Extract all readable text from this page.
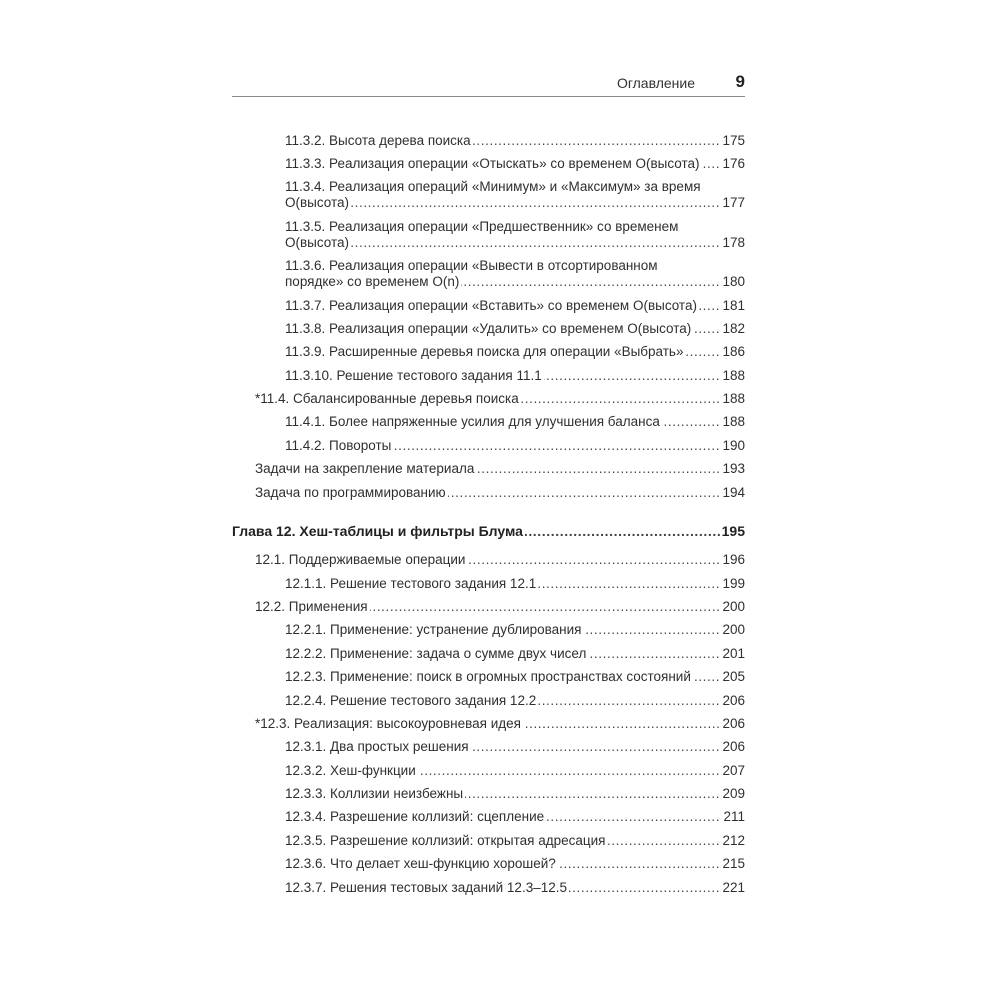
Оглавление 9
.....
11.3.2. Высота дерева поиска	175
.....
11.3.3. Реализация операции «Отыскать» со временем O(высота) 176
.....
11.3.4. Реализация операций «Минимум» и «Максимум» за время O(высота)	177
.....
11.3.5. Реализация операции «Предшественник» со временем O(высота)	178
.....
11.3.6. Реализация операции «Вывести в отсортированном порядке» со временем O(n)	180
.....
11.3.7. Реализация операции «Вставить» со временем O(высота) 181
.....
11.3.8. Реализация операции «Удалить» со временем O(высота) 182
.....
11.3.9. Расширенные деревья поиска для операции «Выбрать»	186
.....
11.3.10. Решение тестового задания 11.1	188
.....
*11.4. Сбалансированные деревья поиска	188
.....
11.4.1. Более напряженные усилия для улучшения баланса	188
.....
11.4.2. Повороты	190
.....
Задачи на закрепление материала	193
.....
Задача по программированию	194
.....
Глава 12. Хеш-таблицы и фильтры Блума	195
.....
12.1. Поддерживаемые операции	196
.....
12.1.1. Решение тестового задания 12.1	199
.....
12.2. Применения	200
.....
12.2.1. Применение: устранение дублирования	200
.....
12.2.2. Применение: задача о сумме двух чисел	201
.....
12.2.3. Применение: поиск в огромных пространствах состояний 205
.....
12.2.4. Решение тестового задания 12.2	206
.....
*12.3. Реализация: высокоуровневая идея	206
.....
12.3.1. Два простых решения	206
.....
12.3.2. Хеш-функции	207
.....
12.3.3. Коллизии неизбежны	209
.....
12.3.4. Разрешение коллизий: сцепление	211
.....
12.3.5. Разрешение коллизий: открытая адресация	212
.....
12.3.6. Что делает хеш-функцию хорошей?	215
.....
12.3.7. Решения тестовых заданий 12.3–12.5	221
